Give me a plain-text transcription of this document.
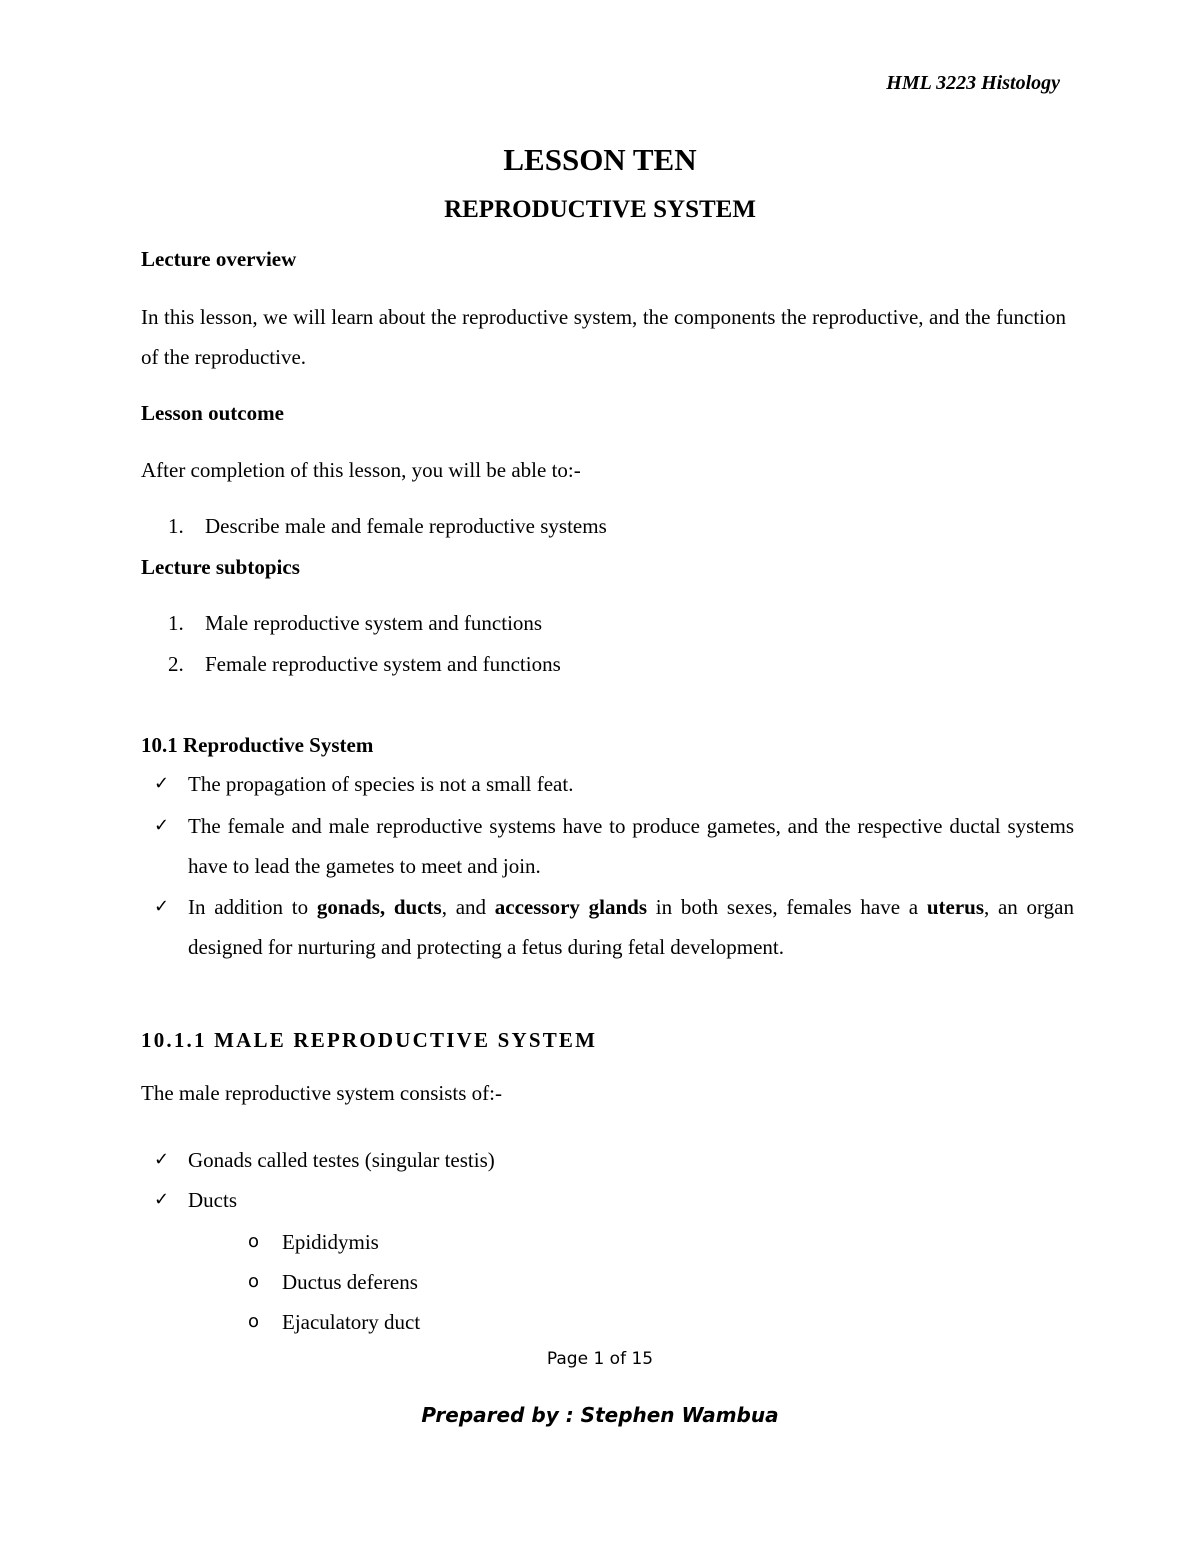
HML 3223 Histology
LESSON TEN
REPRODUCTIVE SYSTEM
Lecture overview
In this lesson, we will learn about the reproductive system, the components the reproductive, and the function of the reproductive.
Lesson outcome
After completion of this lesson, you will be able to:-
1.	Describe male and female reproductive systems
Lecture subtopics
1.	Male reproductive system and functions
2.	Female reproductive system and functions
10.1 Reproductive System
✓ The propagation of species is not a small feat.
✓ The female and male reproductive systems have to produce gametes, and the respective ductal systems have to lead the gametes to meet and join.
✓ In addition to gonads, ducts, and accessory glands in both sexes, females have a uterus, an organ designed for nurturing and protecting a fetus during fetal development.
10.1.1 MALE REPRODUCTIVE SYSTEM
The male reproductive system consists of:-
✓ Gonads called testes (singular testis)
✓ Ducts
o	Epididymis
o	Ductus deferens
o	Ejaculatory duct
Page 1 of 15
Prepared by : Stephen Wambua
